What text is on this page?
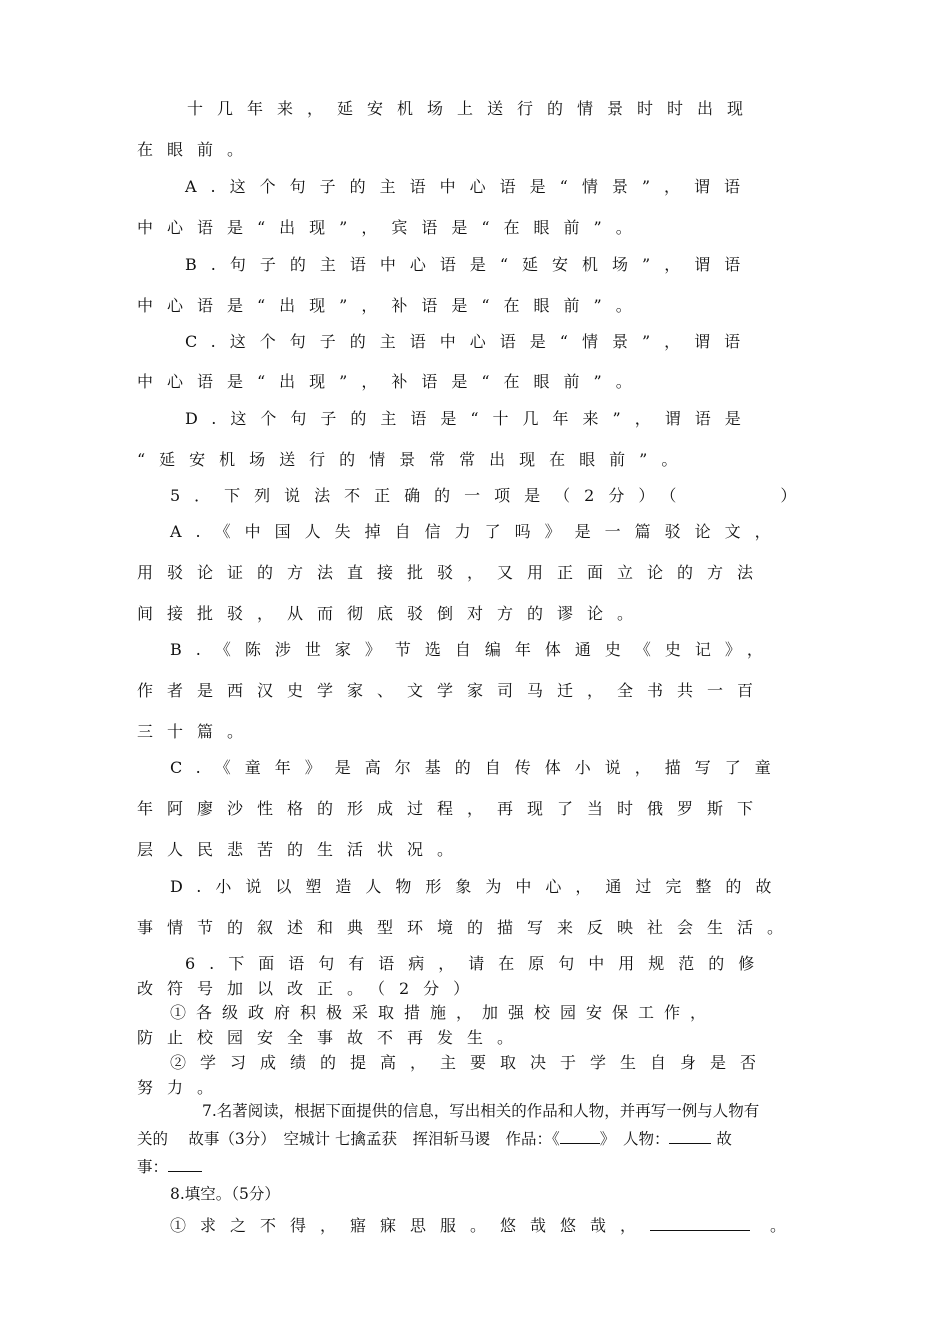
十几年来，延安机场上送行的情景时时出现
在眼前。
A.这个句子的主语中心语是“情景”，谓语
中心语是“出现”，宾语是“在眼前”。
B.句子的主语中心语是“延安机场”，谓语
中心语是“出现”，补语是“在眼前”。
C.这个句子的主语中心语是“情景”，谓语
中心语是“出现”，补语是“在眼前”。
D.这个句子的主语是“十几年来”，谓语是
“延安机场送行的情景常常出现在眼前”。
5．下列说法不正确的一项是（2分）（　　　）
A.《中国人失掉自信力了吗》是一篇驳论文，
用驳论证的方法直接批驳，又用正面立论的方法
间接批驳，从而彻底驳倒对方的谬论。
B.《陈涉世家》节选自编年体通史《史记》，
作者是西汉史学家、文学家司马迁，全书共一百
三十篇。
C.《童年》是高尔基的自传体小说，描写了童
年阿廖沙性格的形成过程，再现了当时俄罗斯下
层人民悲苦的生活状况。
D.小说以塑造人物形象为中心，通过完整的故
事情节的叙述和典型环境的描写来反映社会生活。
6.下面语句有语病，请在原句中用规范的修
改符号加以改正。（2分）
①各级政府积极采取措施，加强校园安保工作，
防止校园安全事故不再发生。
②学习成绩的提高，主要取决于学生自身是否
努力。
7.名著阅读，根据下面提供的信息，写出相关的作品和人物，并再写一例与人物有
关的　 故事（3分）　空城计 七擒孟获　挥泪斩马谡　作品：《	》　人物：	故
事：
8.填空。（5分）
①求之不得，寤寐思服。悠哉悠哉，	。
